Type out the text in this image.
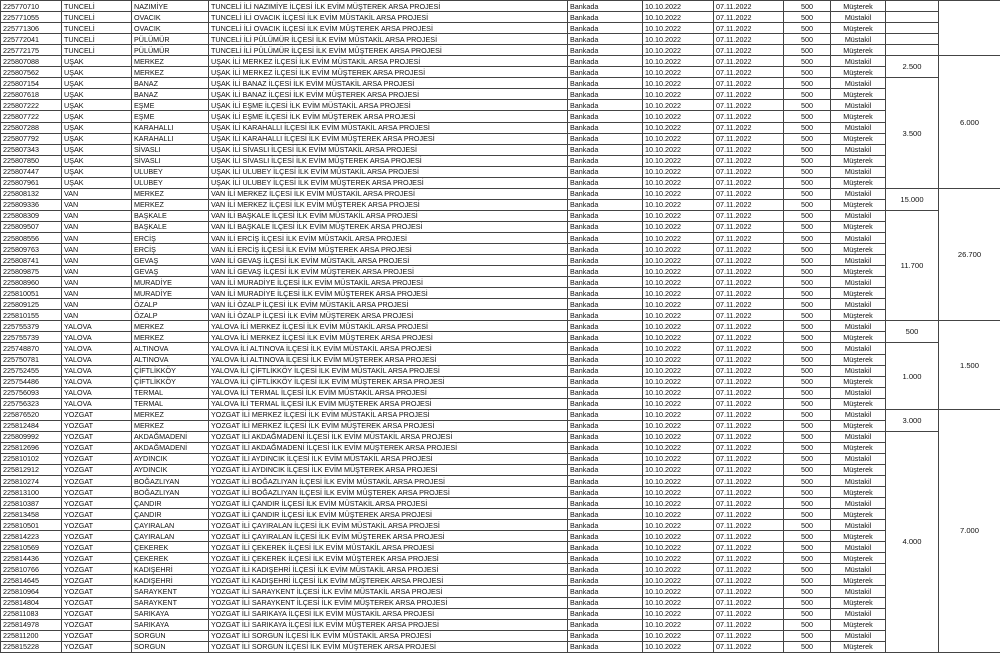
225770710	TUNCELİ	NAZIMİYE	TUNCELİ İLİ NAZIMİYE İLÇESİ İLK EVİM MÜŞTEREK ARSA PROJESİ	Bankada	10.10.2022	07.11.2022	500	Müşterek		
225771055	TUNCELİ	OVACIK	TUNCELİ İLİ OVACIK İLÇESİ İLK EVİM MÜSTAKİL ARSA PROJESİ	Bankada	10.10.2022	07.11.2022	500	Müstakil		
225771306	TUNCELİ	OVACIK	TUNCELİ İLİ OVACIK İLÇESİ İLK EVİM MÜŞTEREK ARSA PROJESİ	Bankada	10.10.2022	07.11.2022	500	Müşterek		
225772041	TUNCELİ	PÜLÜMÜR	TUNCELİ İLİ PÜLÜMÜR İLÇESİ İLK EVİM MÜSTAKİL ARSA PROJESİ	Bankada	10.10.2022	07.11.2022	500	Müstakil		
225772175	TUNCELİ	PÜLÜMÜR	TUNCELİ İLİ PÜLÜMÜR İLÇESİ İLK EVİM MÜŞTEREK ARSA PROJESİ	Bankada	10.10.2022	07.11.2022	500	Müşterek		
225807088	UŞAK	MERKEZ	UŞAK İLİ MERKEZ İLÇESİ İLK EVİM MÜSTAKİL ARSA PROJESİ	Bankada	10.10.2022	07.11.2022	500	Müstakil	2.500	6.000
225807562	UŞAK	MERKEZ	UŞAK İLİ MERKEZ İLÇESİ İLK EVİM MÜŞTEREK ARSA PROJESİ	Bankada	10.10.2022	07.11.2022	500	Müşterek		
225807154	UŞAK	BANAZ	UŞAK İLİ BANAZ İLÇESİ İLK EVİM MÜSTAKİL ARSA PROJESİ	Bankada	10.10.2022	07.11.2022	500	Müstakil	3.500	
225807618	UŞAK	BANAZ	UŞAK İLİ BANAZ İLÇESİ İLK EVİM MÜŞTEREK ARSA PROJESİ	Bankada	10.10.2022	07.11.2022	500	Müşterek		
225807222	UŞAK	EŞME	UŞAK İLİ EŞME İLÇESİ İLK EVİM MÜSTAKİL ARSA PROJESİ	Bankada	10.10.2022	07.11.2022	500	Müstakil		
225807722	UŞAK	EŞME	UŞAK İLİ EŞME İLÇESİ İLK EVİM MÜŞTEREK ARSA PROJESİ	Bankada	10.10.2022	07.11.2022	500	Müşterek		
225807288	UŞAK	KARAHALLI	UŞAK İLİ KARAHALLI İLÇESİ İLK EVİM MÜSTAKİL ARSA PROJESİ	Bankada	10.10.2022	07.11.2022	500	Müstakil		
225807792	UŞAK	KARAHALLI	UŞAK İLİ KARAHALLI İLÇESİ İLK EVİM MÜŞTEREK ARSA PROJESİ	Bankada	10.10.2022	07.11.2022	500	Müşterek		
225807343	UŞAK	SİVASLI	UŞAK İLİ SİVASLI İLÇESİ İLK EVİM MÜSTAKİL ARSA PROJESİ	Bankada	10.10.2022	07.11.2022	500	Müstakil		
225807850	UŞAK	SİVASLI	UŞAK İLİ SİVASLI İLÇESİ İLK EVİM MÜŞTEREK ARSA PROJESİ	Bankada	10.10.2022	07.11.2022	500	Müşterek		
225807447	UŞAK	ULUBEY	UŞAK İLİ ULUBEY İLÇESİ İLK EVİM MÜSTAKİL ARSA PROJESİ	Bankada	10.10.2022	07.11.2022	500	Müstakil		
225807961	UŞAK	ULUBEY	UŞAK İLİ ULUBEY İLÇESİ İLK EVİM MÜŞTEREK ARSA PROJESİ	Bankada	10.10.2022	07.11.2022	500	Müşterek		
225808132	VAN	MERKEZ	VAN İLİ MERKEZ İLÇESİ İLK EVİM MÜSTAKİL ARSA PROJESİ	Bankada	10.10.2022	07.11.2022	500	Müstakil	15.000	26.700
225809336	VAN	MERKEZ	VAN İLİ MERKEZ İLÇESİ İLK EVİM MÜŞTEREK ARSA PROJESİ	Bankada	10.10.2022	07.11.2022	500	Müşterek		
225808309	VAN	BAŞKALE	VAN İLİ BAŞKALE İLÇESİ İLK EVİM MÜSTAKİL ARSA PROJESİ	Bankada	10.10.2022	07.11.2022	500	Müstakil	11.700	
225809507	VAN	BAŞKALE	VAN İLİ BAŞKALE İLÇESİ İLK EVİM MÜŞTEREK ARSA PROJESİ	Bankada	10.10.2022	07.11.2022	500	Müşterek		
225808556	VAN	ERCİŞ	VAN İLİ ERCİŞ İLÇESİ İLK EVİM MÜSTAKİL ARSA PROJESİ	Bankada	10.10.2022	07.11.2022	500	Müstakil		
225809763	VAN	ERCİŞ	VAN İLİ ERCİŞ İLÇESİ İLK EVİM MÜŞTEREK ARSA PROJESİ	Bankada	10.10.2022	07.11.2022	500	Müşterek		
225808741	VAN	GEVAŞ	VAN İLİ GEVAŞ İLÇESİ İLK EVİM MÜSTAKİL ARSA PROJESİ	Bankada	10.10.2022	07.11.2022	500	Müstakil		
225809875	VAN	GEVAŞ	VAN İLİ GEVAŞ İLÇESİ İLK EVİM MÜŞTEREK ARSA PROJESİ	Bankada	10.10.2022	07.11.2022	500	Müşterek		
225808960	VAN	MURADİYE	VAN İLİ MURADİYE İLÇESİ İLK EVİM MÜSTAKİL ARSA PROJESİ	Bankada	10.10.2022	07.11.2022	500	Müstakil		
225810051	VAN	MURADİYE	VAN İLİ MURADİYE İLÇESİ İLK EVİM MÜŞTEREK ARSA PROJESİ	Bankada	10.10.2022	07.11.2022	500	Müşterek		
225809125	VAN	ÖZALP	VAN İLİ ÖZALP İLÇESİ İLK EVİM MÜSTAKİL ARSA PROJESİ	Bankada	10.10.2022	07.11.2022	500	Müstakil		
225810155	VAN	ÖZALP	VAN İLİ ÖZALP İLÇESİ İLK EVİM MÜŞTEREK ARSA PROJESİ	Bankada	10.10.2022	07.11.2022	500	Müşterek		
225755379	YALOVA	MERKEZ	YALOVA İLİ MERKEZ İLÇESİ İLK EVİM MÜSTAKİL ARSA PROJESİ	Bankada	10.10.2022	07.11.2022	500	Müstakil	500	1.500
225755739	YALOVA	MERKEZ	YALOVA İLİ MERKEZ İLÇESİ İLK EVİM MÜŞTEREK ARSA PROJESİ	Bankada	10.10.2022	07.11.2022	500	Müşterek		
225748870	YALOVA	ALTINOVA	YALOVA İLİ ALTINOVA İLÇESİ İLK EVİM MÜSTAKİL ARSA PROJESİ	Bankada	10.10.2022	07.11.2022	500	Müstakil	1.000	
225750781	YALOVA	ALTINOVA	YALOVA İLİ ALTINOVA İLÇESİ İLK EVİM MÜŞTEREK ARSA PROJESİ	Bankada	10.10.2022	07.11.2022	500	Müşterek		
225752455	YALOVA	ÇİFTLİKKÖY	YALOVA İLİ ÇİFTLİKKÖY İLÇESİ İLK EVİM MÜSTAKİL ARSA PROJESİ	Bankada	10.10.2022	07.11.2022	500	Müstakil		
225754486	YALOVA	ÇİFTLİKKÖY	YALOVA İLİ ÇİFTLİKKÖY İLÇESİ İLK EVİM MÜŞTEREK ARSA PROJESİ	Bankada	10.10.2022	07.11.2022	500	Müşterek		
225756093	YALOVA	TERMAL	YALOVA İLİ TERMAL İLÇESİ İLK EVİM MÜSTAKİL ARSA PROJESİ	Bankada	10.10.2022	07.11.2022	500	Müstakil		
225756323	YALOVA	TERMAL	YALOVA İLİ TERMAL İLÇESİ İLK EVİM MÜŞTEREK ARSA PROJESİ	Bankada	10.10.2022	07.11.2022	500	Müşterek		
225876520	YOZGAT	MERKEZ	YOZGAT İLİ MERKEZ İLÇESİ İLK EVİM MÜSTAKİL ARSA PROJESİ	Bankada	10.10.2022	07.11.2022	500	Müstakil	3.000	7.000
225812484	YOZGAT	MERKEZ	YOZGAT İLİ MERKEZ İLÇESİ İLK EVİM MÜŞTEREK ARSA PROJESİ	Bankada	10.10.2022	07.11.2022	500	Müşterek		
225809992	YOZGAT	AKDAĞMADENİ	YOZGAT İLİ AKDAĞMADENİ İLÇESİ İLK EVİM MÜSTAKİL ARSA PROJESİ	Bankada	10.10.2022	07.11.2022	500	Müstakil	4.000	
225812696	YOZGAT	AKDAĞMADENİ	YOZGAT İLİ AKDAĞMADENİ İLÇESİ İLK EVİM MÜŞTEREK ARSA PROJESİ	Bankada	10.10.2022	07.11.2022	500	Müşterek		
225810102	YOZGAT	AYDINCIK	YOZGAT İLİ AYDINCIK İLÇESİ İLK EVİM MÜSTAKİL ARSA PROJESİ	Bankada	10.10.2022	07.11.2022	500	Müstakil		
225812912	YOZGAT	AYDINCIK	YOZGAT İLİ AYDINCIK İLÇESİ İLK EVİM MÜŞTEREK ARSA PROJESİ	Bankada	10.10.2022	07.11.2022	500	Müşterek		
225810274	YOZGAT	BOĞAZLIYAN	YOZGAT İLİ BOĞAZLIYAN İLÇESİ İLK EVİM MÜSTAKİL ARSA PROJESİ	Bankada	10.10.2022	07.11.2022	500	Müstakil		
225813100	YOZGAT	BOĞAZLIYAN	YOZGAT İLİ BOĞAZLIYAN İLÇESİ İLK EVİM MÜŞTEREK ARSA PROJESİ	Bankada	10.10.2022	07.11.2022	500	Müşterek		
225810387	YOZGAT	ÇANDIR	YOZGAT İLİ ÇANDIR İLÇESİ İLK EVİM MÜSTAKİL ARSA PROJESİ	Bankada	10.10.2022	07.11.2022	500	Müstakil		
225813458	YOZGAT	ÇANDIR	YOZGAT İLİ ÇANDIR İLÇESİ İLK EVİM MÜŞTEREK ARSA PROJESİ	Bankada	10.10.2022	07.11.2022	500	Müşterek		
225810501	YOZGAT	ÇAYIRALAN	YOZGAT İLİ ÇAYIRALAN İLÇESİ İLK EVİM MÜSTAKİL ARSA PROJESİ	Bankada	10.10.2022	07.11.2022	500	Müstakil		
225814223	YOZGAT	ÇAYIRALAN	YOZGAT İLİ ÇAYIRALAN İLÇESİ İLK EVİM MÜŞTEREK ARSA PROJESİ	Bankada	10.10.2022	07.11.2022	500	Müşterek		
225810569	YOZGAT	ÇEKEREK	YOZGAT İLİ ÇEKEREK İLÇESİ İLK EVİM MÜSTAKİL ARSA PROJESİ	Bankada	10.10.2022	07.11.2022	500	Müstakil		
225814436	YOZGAT	ÇEKEREK	YOZGAT İLİ ÇEKEREK İLÇESİ İLK EVİM MÜŞTEREK ARSA PROJESİ	Bankada	10.10.2022	07.11.2022	500	Müşterek		
225810766	YOZGAT	KADIŞEHRİ	YOZGAT İLİ KADIŞEHRİ İLÇESİ İLK EVİM MÜSTAKİL ARSA PROJESİ	Bankada	10.10.2022	07.11.2022	500	Müstakil		
225814645	YOZGAT	KADIŞEHRİ	YOZGAT İLİ KADIŞEHRİ İLÇESİ İLK EVİM MÜŞTEREK ARSA PROJESİ	Bankada	10.10.2022	07.11.2022	500	Müşterek		
225810964	YOZGAT	SARAYKENT	YOZGAT İLİ SARAYKENT İLÇESİ İLK EVİM MÜSTAKİL ARSA PROJESİ	Bankada	10.10.2022	07.11.2022	500	Müstakil		
225814804	YOZGAT	SARAYKENT	YOZGAT İLİ SARAYKENT İLÇESİ İLK EVİM MÜŞTEREK ARSA PROJESİ	Bankada	10.10.2022	07.11.2022	500	Müşterek		
225811083	YOZGAT	SARIKAYA	YOZGAT İLİ SARIKAYA İLÇESİ İLK EVİM MÜSTAKİL ARSA PROJESİ	Bankada	10.10.2022	07.11.2022	500	Müstakil		
225814978	YOZGAT	SARIKAYA	YOZGAT İLİ SARIKAYA İLÇESİ İLK EVİM MÜŞTEREK ARSA PROJESİ	Bankada	10.10.2022	07.11.2022	500	Müşterek		
225811200	YOZGAT	SORGUN	YOZGAT İLİ SORGUN İLÇESİ İLK EVİM MÜSTAKİL ARSA PROJESİ	Bankada	10.10.2022	07.11.2022	500	Müstakil		
225815228	YOZGAT	SORGUN	YOZGAT İLİ SORGUN İLÇESİ İLK EVİM MÜŞTEREK ARSA PROJESİ	Bankada	10.10.2022	07.11.2022	500	Müşterek		
